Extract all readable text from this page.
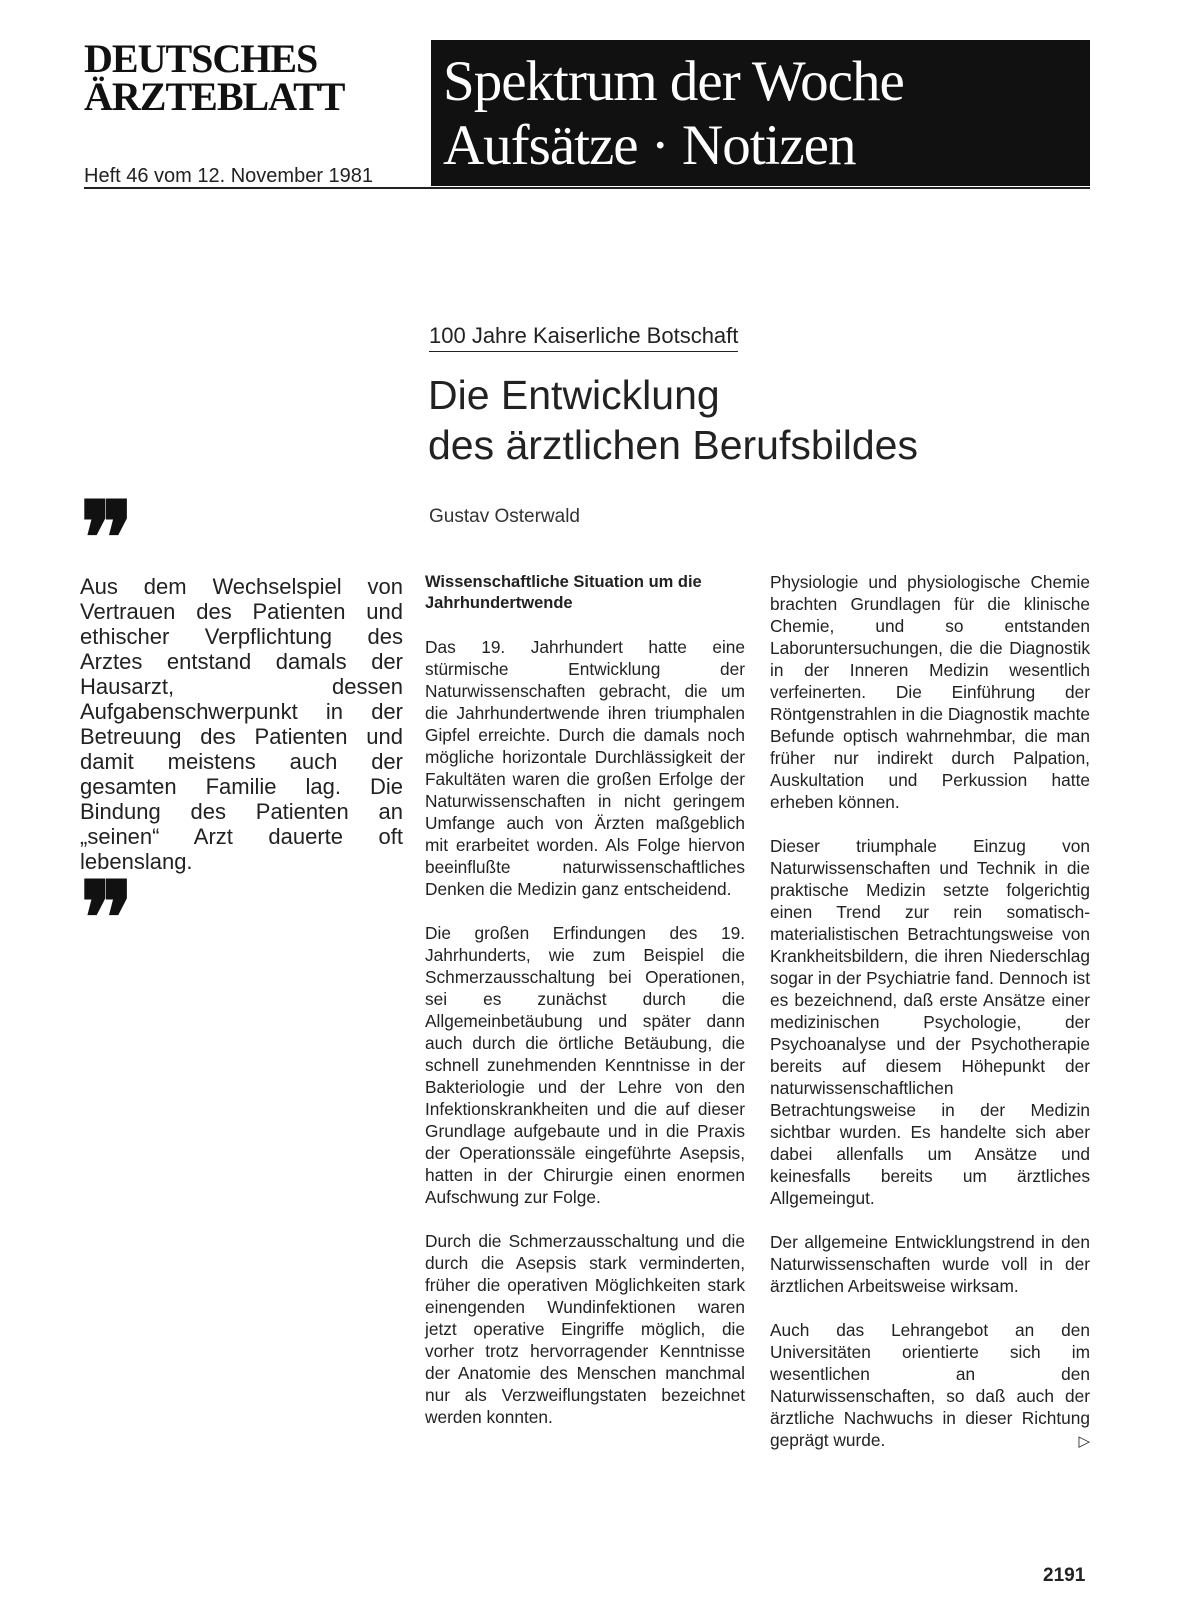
DEUTSCHES
ÄRZTEBLATT
Heft 46 vom 12. November 1981
Spektrum der Woche
Aufsätze · Notizen
100 Jahre Kaiserliche Botschaft
Die Entwicklung
des ärztlichen Berufsbildes
Gustav Osterwald
❞
Aus dem Wechselspiel von Vertrauen des Patienten und ethischer Verpflichtung des Arztes entstand damals der Hausarzt, dessen Aufgabenschwerpunkt in der Betreuung des Patienten und damit meistens auch der gesamten Familie lag. Die Bindung des Patienten an „seinen“ Arzt dauerte oft lebenslang.
❞
Wissenschaftliche Situation um die Jahrhundertwende

Das 19. Jahrhundert hatte eine stürmische Entwicklung der Naturwissenschaften gebracht, die um die Jahrhundertwende ihren triumphalen Gipfel erreichte. Durch die damals noch mögliche horizontale Durchlässigkeit der Fakultäten waren die großen Erfolge der Naturwissenschaften in nicht geringem Umfange auch von Ärzten maßgeblich mit erarbeitet worden. Als Folge hiervon beeinflußte naturwissenschaftliches Denken die Medizin ganz entscheidend.

Die großen Erfindungen des 19. Jahrhunderts, wie zum Beispiel die Schmerzausschaltung bei Operationen, sei es zunächst durch die Allgemeinbetäubung und später dann auch durch die örtliche Betäubung, die schnell zunehmenden Kenntnisse in der Bakteriologie und der Lehre von den Infektionskrankheiten und die auf dieser Grundlage aufgebaute und in die Praxis der Operationssäle eingeführte Asepsis, hatten in der Chirurgie einen enormen Aufschwung zur Folge.

Durch die Schmerzausschaltung und die durch die Asepsis stark verminderten, früher die operativen Möglichkeiten stark einengenden Wundinfektionen waren jetzt operative Eingriffe möglich, die vorher trotz hervorragender Kenntnisse der Anatomie des Menschen manchmal nur als Verzweiflungstaten bezeichnet werden konnten.

Physiologie und physiologische Chemie brachten Grundlagen für die klinische Chemie, und so entstanden Laboruntersuchungen, die die Diagnostik in der Inneren Medizin wesentlich verfeinerten. Die Einführung der Röntgenstrahlen in die Diagnostik machte Befunde optisch wahrnehmbar, die man früher nur indirekt durch Palpation, Auskultation und Perkussion hatte erheben können.

Dieser triumphale Einzug von Naturwissenschaften und Technik in die praktische Medizin setzte folgerichtig einen Trend zur rein somatisch-materialistischen Betrachtungsweise von Krankheitsbildern, die ihren Niederschlag sogar in der Psychiatrie fand. Dennoch ist es bezeichnend, daß erste Ansätze einer medizinischen Psychologie, der Psychoanalyse und der Psychotherapie bereits auf diesem Höhepunkt der naturwissenschaftlichen Betrachtungsweise in der Medizin sichtbar wurden. Es handelte sich aber dabei allenfalls um Ansätze und keinesfalls bereits um ärztliches Allgemeingut.

Der allgemeine Entwicklungstrend in den Naturwissenschaften wurde voll in der ärztlichen Arbeitsweise wirksam.

Auch das Lehrangebot an den Universitäten orientierte sich im wesentlichen an den Naturwissenschaften, so daß auch der ärztliche Nachwuchs in dieser Richtung geprägt wurde.	▷

2191
